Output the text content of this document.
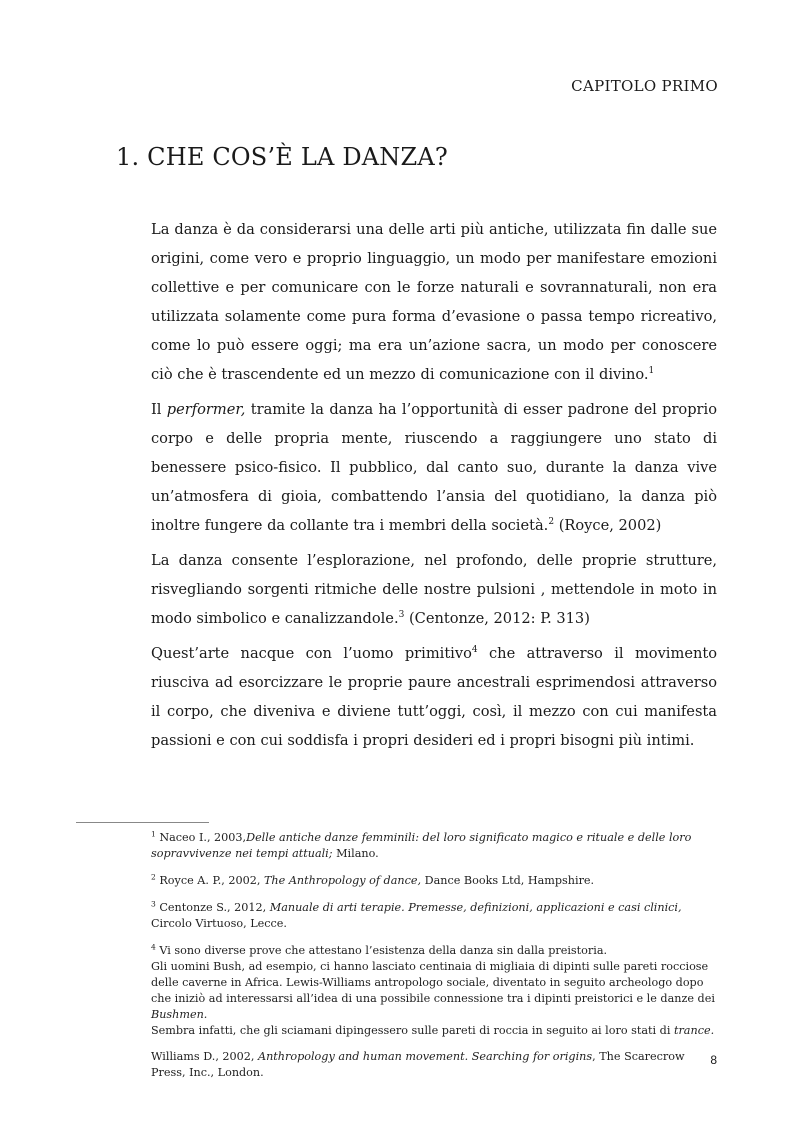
CAPITOLO PRIMO
1. CHE COS’È LA DANZA?

La danza è da considerarsi una delle arti più antiche, utilizzata fin dalle sue origini, come vero e proprio linguaggio, un modo per manifestare emozioni collettive e per comunicare con le forze naturali e sovrannaturali, non era utilizzata solamente come pura forma d’evasione o passa tempo ricreativo, come lo può essere oggi; ma era un’azione sacra, un modo per conoscere ciò che è trascendente ed un mezzo di comunicazione con il divino.$^1$

Il performer, tramite la danza ha l’opportunità di esser padrone del proprio corpo e delle propria mente, riuscendo a raggiungere uno stato di benessere psico-fisico. Il pubblico, dal canto suo, durante la danza vive un’atmosfera di gioia, combattendo l’ansia del quotidiano, la danza piò inoltre fungere da collante tra i membri della società.$^2$ (Royce, 2002)

La danza consente l’esplorazione, nel profondo, delle proprie strutture, risvegliando sorgenti ritmiche delle nostre pulsioni , mettendole in moto in modo simbolico e canalizzandole.$^3$ (Centonze, 2012: P. 313)

Quest’arte nacque con l’uomo primitivo$^4$ che attraverso il movimento riusciva ad esorcizzare le proprie paure ancestrali esprimendosi attraverso il corpo, che diveniva e diviene tutt’oggi, così, il mezzo con cui manifesta passioni e con cui soddisfa i propri desideri ed i propri bisogni più intimi.

$^1$ Naceo I., 2003,Delle antiche danze femminili: del loro significato magico e rituale e delle loro sopravvivenze nei tempi attuali; Milano.
$^2$ Royce A. P., 2002, The Anthropology of dance, Dance Books Ltd, Hampshire.
$^3$ Centonze S., 2012, Manuale di arti terapie. Premesse, definizioni, applicazioni e casi clinici, Circolo Virtuoso, Lecce.
$^4$ Vi sono diverse prove che attestano l’esistenza della danza sin dalla preistoria.
Gli uomini Bush, ad esempio, ci hanno lasciato centinaia di migliaia di dipinti sulle pareti rocciose delle caverne in Africa. Lewis-Williams antropologo sociale, diventato in seguito archeologo dopo che iniziò ad interessarsi all’idea di una possibile connessione tra i dipinti preistorici e le danze dei Bushmen.
Sembra infatti, che gli sciamani dipingessero sulle pareti di roccia in seguito ai loro stati di trance.
Williams D., 2002, Anthropology and human movement. Searching for origins, The Scarecrow Press, Inc., London.
8
